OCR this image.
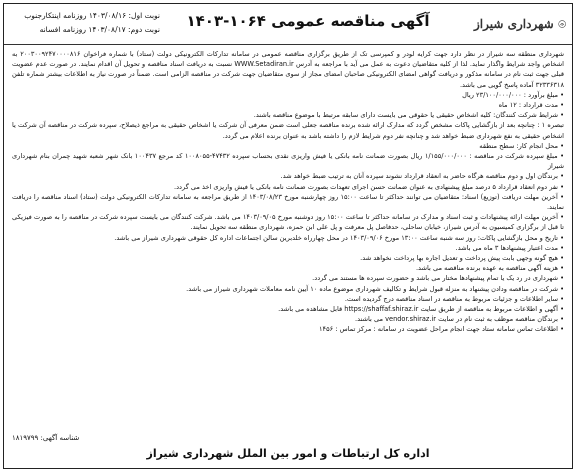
شهرداری شیراز
آگهی مناقصه عمومی ۱۰۶۴-۱۴۰۳
نوبت اول: ۱۴۰۳/۰۸/۱۶ روزنامه اینتکارجنوب
نوبت دوم: ۱۴۰۳/۰۸/۱۷ روزنامه افسانه

شهرداری منطقه سه شیراز در نظر دارد جهت کرایه لودر و کمپرسی تک از طریق برگزاری مناقصه عمومی در سامانه تدارکات الکترونیکی دولت (ستاد) با شماره فراخوان ۲۰۰۳۰۰۹۲۴۷۰۰۰۰۸۱۶ به اشخاص واجد شرایط واگذار نماید. لذا از کلیه متقاضیان دعوت به عمل می آید با مراجعه به آدرس WWW.Setadiran.ir نسبت به دریافت اسناد مناقصه و تحویل آن اقدام نمایند. در صورت عدم عضویت قبلی جهت ثبت نام در سامانه مذکور و دریافت گواهی امضای الکترونیکی صاحبان امضای مجاز از سوی متقاضیان جهت شرکت در مناقصه الزامی است. ضمناً در صورت نیاز به اطلاعات بیشتر شماره تلفن ۳۲۳۳۶۳۱۸ آماده پاسخ گویی می باشد.

• مبلغ برآورد : ۲۳/۱۰۰/۰۰۰/۰۰۰ ریال

• مدت قرارداد : ۱۲ ماه

• شرایط شرکت کنندگان: کلیه اشخاص حقیقی یا حقوقی می بایست دارای سابقه مرتبط با موضوع مناقصه باشند.

تبصره ۱ : چنانچه بعد از بازگشایی پاکات مشخص گردد که مدارک ارائه شده برنده مناقصه جعلی است ضمن معرفی آن شرکت یا اشخاص حقیقی به مراجع ذیصلاح، سپرده شرکت در مناقصه آن شرکت یا اشخاص حقیقی به نفع شهرداری ضبط خواهد شد و چنانچه نفر دوم شرایط لازم را داشته باشد به عنوان برنده اعلام می گردد.

• محل انجام کار: سطح منطقه

• مبلغ سپرده شرکت در مناقصه : ۱/۱۵۵/۰۰۰/۰۰۰ ریال بصورت ضمانت نامه بانکی یا فیش واریزی نقدی بحساب سپرده ۴۷۴۳۲-۱۰۰۸۰۵۵ کد مرجع ۱۰۰۴۳۷ بانک شهر شعبه شهید چمران بنام شهرداری شیراز

• برندگان اول و دوم مناقصه هرگاه حاضر به انعقاد قرارداد نشوند سپرده آنان به ترتیب ضبط خواهد شد.

• نفر دوم انعقاد قرارداد ۵ درصد مبلغ پیشنهادی به عنوان ضمانت حسن اجرای تعهدات بصورت ضمانت نامه بانکی یا فیش واریزی اخذ می گردد.

• آخرین مهلت دریافت (توزیع) اسناد: متقاضیان می توانند حداکثر تا ساعت ۱۵:۰۰ روز چهارشنبه مورخ ۱۴۰۳/۰۸/۲۳ از طریق مراجعه به سامانه تدارکات الکترونیکی دولت (ستاد) اسناد مناقصه را دریافت نمایند.

• آخرین مهلت ارائه پیشنهادات و ثبت اسناد و مدارک در سامانه حداکثر تا ساعت ۱۵:۰۰ روز دوشنبه مورخ ۱۴۰۳/۰۹/۰۵ می باشد. شرکت کنندگان می بایست سپرده شرکت در مناقصه را به صورت فیزیکی تا قبل از برگزاری کمیسیون به آدرس شیراز، خیابان ساحلی، حدفاصل پل معرفت و پل علی ابن حمزه، شهرداری منطقه سه تحویل نمایند.

• تاریخ و محل بازگشایی پاکات: روز سه شنبه ساعت ۱۳:۰۰ مورخ ۱۴۰۳/۰۹/۰۶ در محل چهارراه خلدبرین سالن اجتماعات اداره کل حقوقی شهرداری شیراز می باشد.

• مدت اعتبار پیشنهادها ۳ ماه می باشد.

• هیچ گونه وجهی بابت پیش پرداخت و تعدیل اجاره بها پرداخت نخواهد شد.

• هزینه آگهی مناقصه به عهده برنده مناقصه می باشد.

• شهرداری در رد یک یا تمام پیشنهادها مختار می باشد و حضورت سپرده ها مستند می گردد.

• شرکت در مناقصه ودادن پیشنهاد به منزله قبول شرایط و تکالیف شهرداری موضوع ماده ۱۰ آیین نامه معاملات شهرداری شیراز می باشد.

• سایر اطلاعات و جزئیات مربوط به مناقصه در اسناد مناقصه درج گردیده است.

• آگهی و اطلاعات مربوط به مناقصه از طریق سایت https://shaffaf.shiraz.ir قابل مشاهده می باشد.

• برندگان مناقصه موظف به ثبت نام در سایت vendor.shiraz.ir می باشند.

• اطلاعات تماس سامانه ستاد جهت انجام مراحل عضویت در سامانه : مرکز تماس : ۱۴۵۶

شناسه آگهی: ۱۸۱۹۷۹۹
اداره کل ارتباطات و امور بین الملل شهرداری شیراز
